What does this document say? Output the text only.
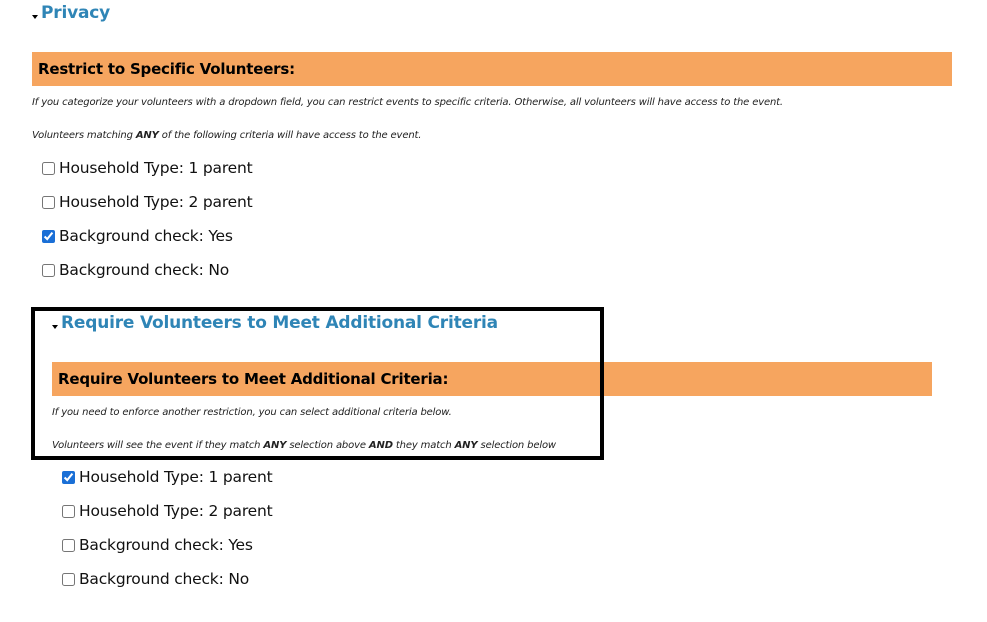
Privacy
Restrict to Specific Volunteers:
If you categorize your volunteers with a dropdown field, you can restrict events to specific criteria. Otherwise, all volunteers will have access to the event.
Volunteers matching ANY of the following criteria will have access to the event.
Household Type: 1 parent
Household Type: 2 parent
Background check: Yes
Background check: No
Require Volunteers to Meet Additional Criteria
Require Volunteers to Meet Additional Criteria:
If you need to enforce another restriction, you can select additional criteria below.
Volunteers will see the event if they match ANY selection above AND they match ANY selection below
Household Type: 1 parent
Household Type: 2 parent
Background check: Yes
Background check: No
